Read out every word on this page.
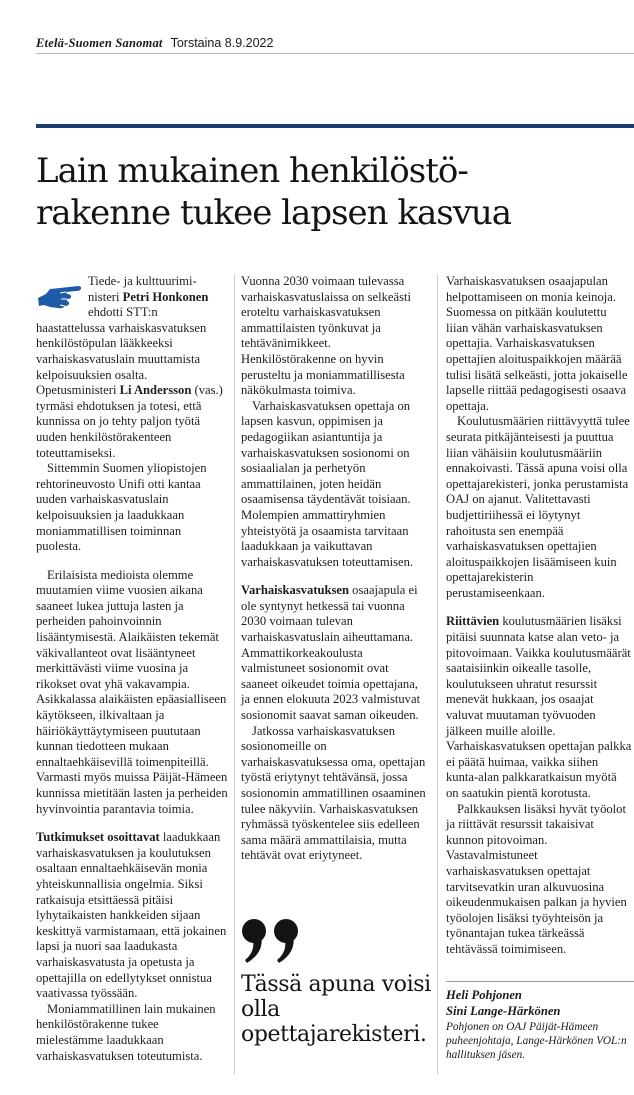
Etelä-Suomen Sanomat Torstaina 8.9.2022
Lain mukainen henkilöstö-
rakenne tukee lapsen kasvua

Tiede- ja kulttuurimi- nisteri Petri Honkonen ehdotti STT:n haastattelussa varhaiskasvatuksen henkilöstöpulan lääkkeeksi varhaiskasvatuslain muuttamista kelpoisuuksien osalta. Opetusministeri Li Andersson (vas.) tyrmäsi ehdotuksen ja totesi, että kunnissa on jo tehty paljon työtä uuden henkilöstörakenteen toteuttamiseksi.

Sittemmin Suomen yliopistojen rehtorineuvosto Unifi otti kantaa uuden varhaiskasvatuslain kelpoisuuksien ja laadukkaan moniammatillisen toiminnan puolesta.

Erilaisista medioista olemme muutamien viime vuosien aikana saaneet lukea juttuja lasten ja perheiden pahoinvoinnin lisääntymisestä. Alaikäisten tekemät väkivallanteot ovat lisääntyneet merkittävästi viime vuosina ja rikokset ovat yhä vakavampia. Asikkalassa alaikäisten epäasialliseen käytökseen, ilkivaltaan ja häiriökäyttäytymiseen puututaan kunnan tiedotteen mukaan ennaltaehkäisevillä toimenpiteillä. Varmasti myös muissa Päijät-Hämeen kunnissa mietitään lasten ja perheiden hyvinvointia parantavia toimia.

Tutkimukset osoittavat laadukkaan varhaiskasvatuksen ja koulutuksen osaltaan ennaltaehkäisevän monia yhteiskunnallisia ongelmia. Siksi ratkaisuja etsittäessä pitäisi lyhytaikaisten hankkeiden sijaan keskittyä varmistamaan, että jokainen lapsi ja nuori saa laadukasta varhaiskasvatusta ja opetusta ja opettajilla on edellytykset onnistua vaativassa työssään.

Moniammatillinen lain mukainen henkilöstörakenne tukee mielestämme laadukkaan varhaiskasvatuksen toteutumista.

Vuonna 2030 voimaan tulevassa varhaiskasvatuslaissa on selkeästi eroteltu varhaiskasvatuksen ammattilaisten työnkuvat ja tehtävänimikkeet. Henkilöstörakenne on hyvin perusteltu ja moniammatillisesta näkökulmasta toimiva.

Varhaiskasvatuksen opettaja on lapsen kasvun, oppimisen ja pedagogiikan asiantuntija ja varhaiskasvatuksen sosionomi on sosiaalialan ja perhetyön ammattilainen, joten heidän osaamisensa täydentävät toisiaan. Molempien ammattiryhmien yhteistyötä ja osaamista tarvitaan laadukkaan ja vaikuttavan varhaiskasvatuksen toteuttamisen.

Varhaiskasvatuksen osaajapula ei ole syntynyt hetkessä tai vuonna 2030 voimaan tulevan varhaiskasvatuslain aiheuttamana. Ammattikorkeakoulusta valmistuneet sosionomit ovat saaneet oikeudet toimia opettajana, ja ennen elokuuta 2023 valmistuvat sosionomit saavat saman oikeuden.

Jatkossa varhaiskasvatuksen sosionomeille on varhaiskasvatuksessa oma, opettajan työstä eriytynyt tehtävänsä, jossa sosionomin ammatillinen osaaminen tulee näkyviin. Varhaiskasvatuksen ryhmässä työskentelee siis edelleen sama määrä ammattilaisia, mutta tehtävät ovat eriytyneet.

Tässä apuna voisi olla opettajarekisteri.

Varhaiskasvatuksen osaajapulan helpottamiseen on monia keinoja. Suomessa on pitkään koulutettu liian vähän varhaiskasvatuksen opettajia. Varhaiskasvatuksen opettajien aloituspaikkojen määrää tulisi lisätä selkeästi, jotta jokaiselle lapselle riittää pedagogisesti osaava opettaja.

Koulutusmäärien riittävyyttä tulee seurata pitkäjänteisesti ja puuttua liian vähäisiin koulutusmääriin ennakoivasti. Tässä apuna voisi olla opettajarekisteri, jonka perustamista OAJ on ajanut. Valitettavasti budjettiriihessä ei löytynyt rahoitusta sen enempää varhaiskasvatuksen opettajien aloituspaikkojen lisäämiseen kuin opettajarekisterin perustamiseenkaan.

Riittävien koulutusmäärien lisäksi pitäisi suunnata katse alan veto- ja pitovoimaan. Vaikka koulutusmäärät saataisiinkin oikealle tasolle, koulutukseen uhratut resurssit menevät hukkaan, jos osaajat valuvat muutaman työvuoden jälkeen muille aloille. Varhaiskasvatuksen opettajan palkka ei päätä huimaa, vaikka siihen kunta-alan palkkaratkaisun myötä on saatukin pientä korotusta.

Palkkauksen lisäksi hyvät työolot ja riittävät resurssit takaisivat kunnon pitovoiman. Vastavalmistuneet varhaiskasvatuksen opettajat tarvitsevatkin uran alkuvuosina oikeudenmukaisen palkan ja hyvien työolojen lisäksi työyhteisön ja työnantajan tukea tärkeässä tehtävässä toimimiseen.

Heli Pohjonen
Sini Lange-Härkönen
Pohjonen on OAJ Päijät-Hämeen puheenjohtaja, Lange-Härkönen VOL:n hallituksen jäsen.
